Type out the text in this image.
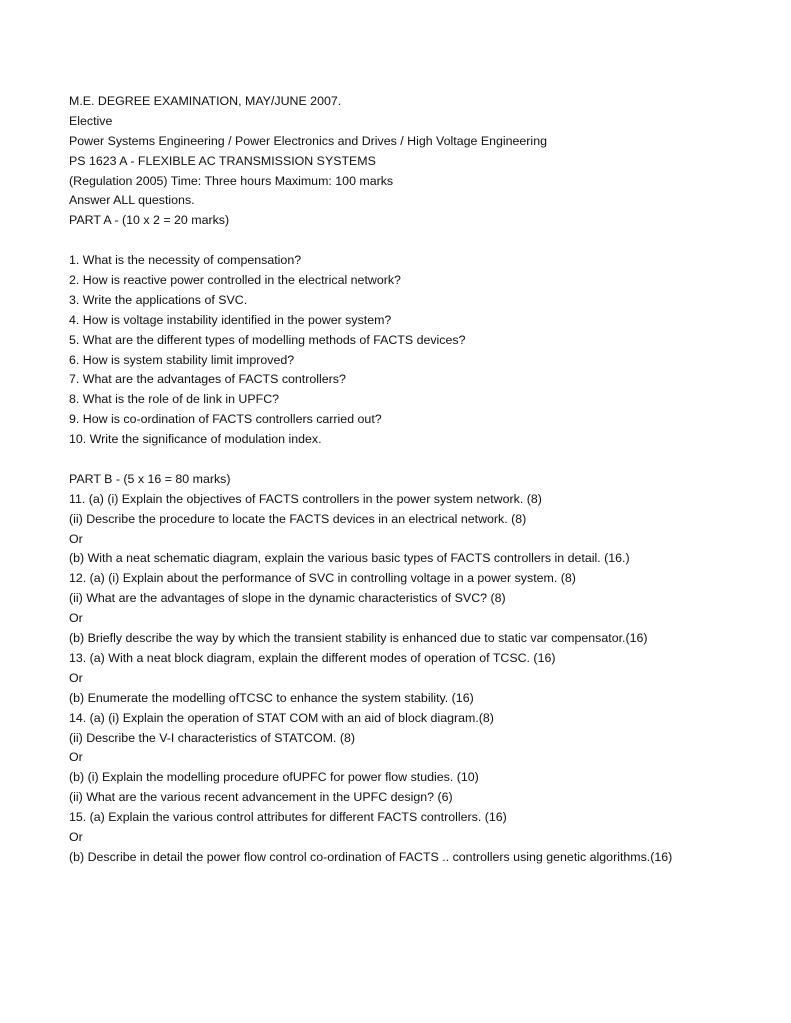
M.E. DEGREE EXAMINATION, MAY/JUNE 2007.
Elective
Power Systems Engineering / Power Electronics and Drives / High Voltage Engineering
PS 1623 A - FLEXIBLE AC TRANSMISSION SYSTEMS
(Regulation 2005) Time: Three hours Maximum: 100 marks
Answer ALL questions.
PART A - (10 x 2 = 20 marks)
1. What is the necessity of compensation?
2. How is reactive power controlled in the electrical network?
3. Write the applications of SVC.
4. How is voltage instability identified in the power system?
5. What are the different types of modelling methods of FACTS devices?
6. How is system stability limit improved?
7. What are the advantages of FACTS controllers?
8. What is the role of de link in UPFC?
9. How is co-ordination of FACTS controllers carried out?
10. Write the significance of modulation index.
PART B - (5 x 16 = 80 marks)
11. (a) (i) Explain the objectives of FACTS controllers in the power system network. (8)
(ii) Describe the procedure to locate the FACTS devices in an electrical network. (8)
Or
(b) With a neat schematic diagram, explain the various basic types of FACTS controllers in detail. (16.)
12. (a) (i) Explain about the performance of SVC in controlling voltage in a power system. (8)
(ii) What are the advantages of slope in the dynamic characteristics of SVC? (8)
Or
(b) Briefly describe the way by which the transient stability is enhanced due to static var compensator.(16)
13. (a) With a neat block diagram, explain the different modes of operation of TCSC. (16)
Or
(b) Enumerate the modelling ofTCSC to enhance the system stability. (16)
14. (a) (i) Explain the operation of STAT COM with an aid of block diagram.(8)
(ii) Describe the V-I characteristics of STATCOM. (8)
Or
(b) (i) Explain the modelling procedure ofUPFC for power flow studies. (10)
(ii) What are the various recent advancement in the UPFC design? (6)
15. (a) Explain the various control attributes for different FACTS controllers. (16)
Or
(b) Describe in detail the power flow control co-ordination of FACTS .. controllers using genetic algorithms.(16)
